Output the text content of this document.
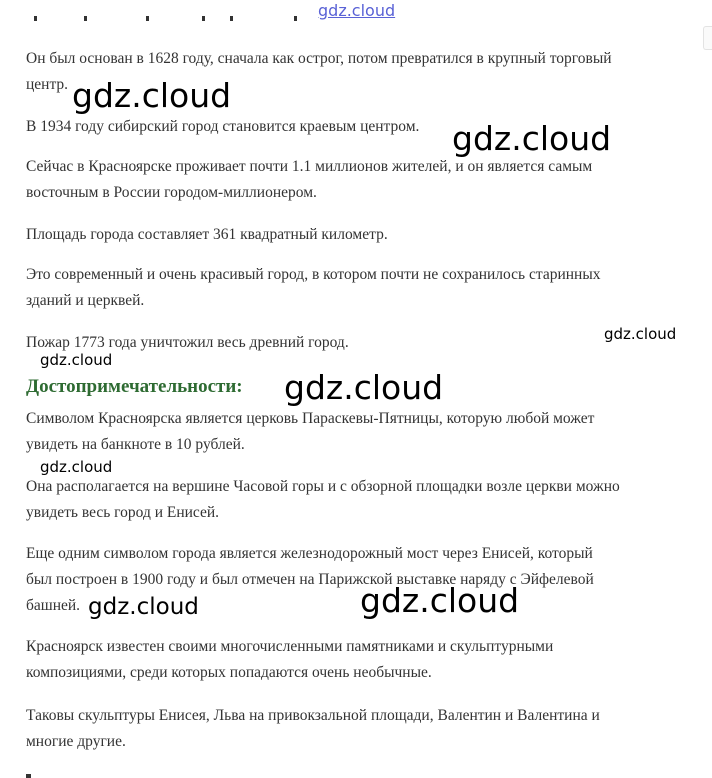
gdz.cloud

Он был основан в 1628 году, сначала как острог, потом превратился в крупный торговый
центр.

В 1934 году сибирский город становится краевым центром.

Сейчас в Красноярске проживает почти 1.1 миллионов жителей, и он является самым
восточным в России городом-миллионером.

Площадь города составляет 361 квадратный километр.

Это современный и очень красивый город, в котором почти не сохранилось старинных
зданий и церквей.

Пожар 1773 года уничтожил весь древний город.

Достопримечательности:

Символом Красноярска является церковь Параскевы-Пятницы, которую любой может
увидеть на банкноте в 10 рублей.

Она располагается на вершине Часовой горы и с обзорной площадки возле церкви можно
увидеть весь город и Енисей.

Еще одним символом города является железнодорожный мост через Енисей, который
был построен в 1900 году и был отмечен на Парижской выставке наряду с Эйфелевой
башней.

Красноярск известен своими многочисленными памятниками и скульптурными
композициями, среди которых попадаются очень необычные.

Таковы скульптуры Енисея, Льва на привокзальной площади, Валентин и Валентина и
многие другие.

gdz.cloud
gdz.cloud
gdz.cloud
gdz.cloud
gdz.cloud
gdz.cloud
gdz.cloud	gdz.cloud
